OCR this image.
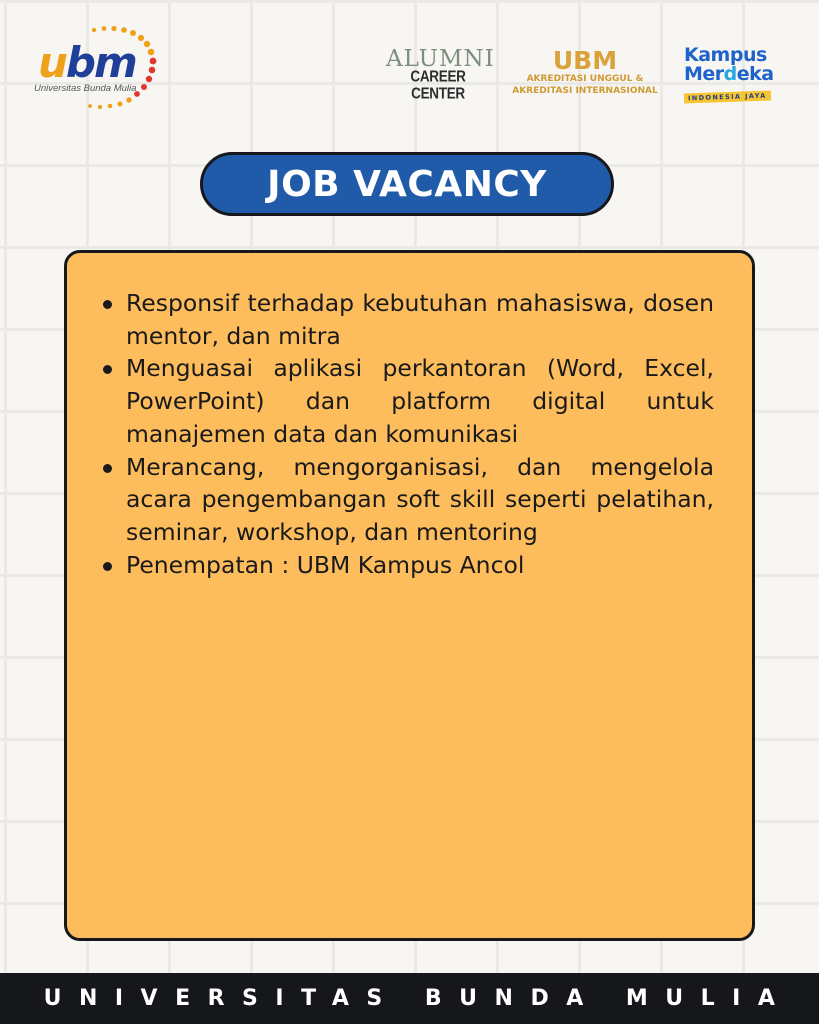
ubm
Universitas Bunda Mulia
ALUMNI
CAREER CENTER
UBM
AKREDITASI UNGGUL &
AKREDITASI INTERNASIONAL
Kampus
Merdeka
INDONESIA JAYA
JOB VACANCY
Responsif terhadap kebutuhan mahasiswa, dosen mentor, dan mitra
Menguasai aplikasi perkantoran (Word, Excel, PowerPoint) dan platform digital untuk manajemen data dan komunikasi
Merancang, mengorganisasi, dan mengelola acara pengembangan soft skill seperti pelatihan, seminar, workshop, dan mentoring
Penempatan : UBM Kampus Ancol
UNIVERSITAS BUNDA MULIA
